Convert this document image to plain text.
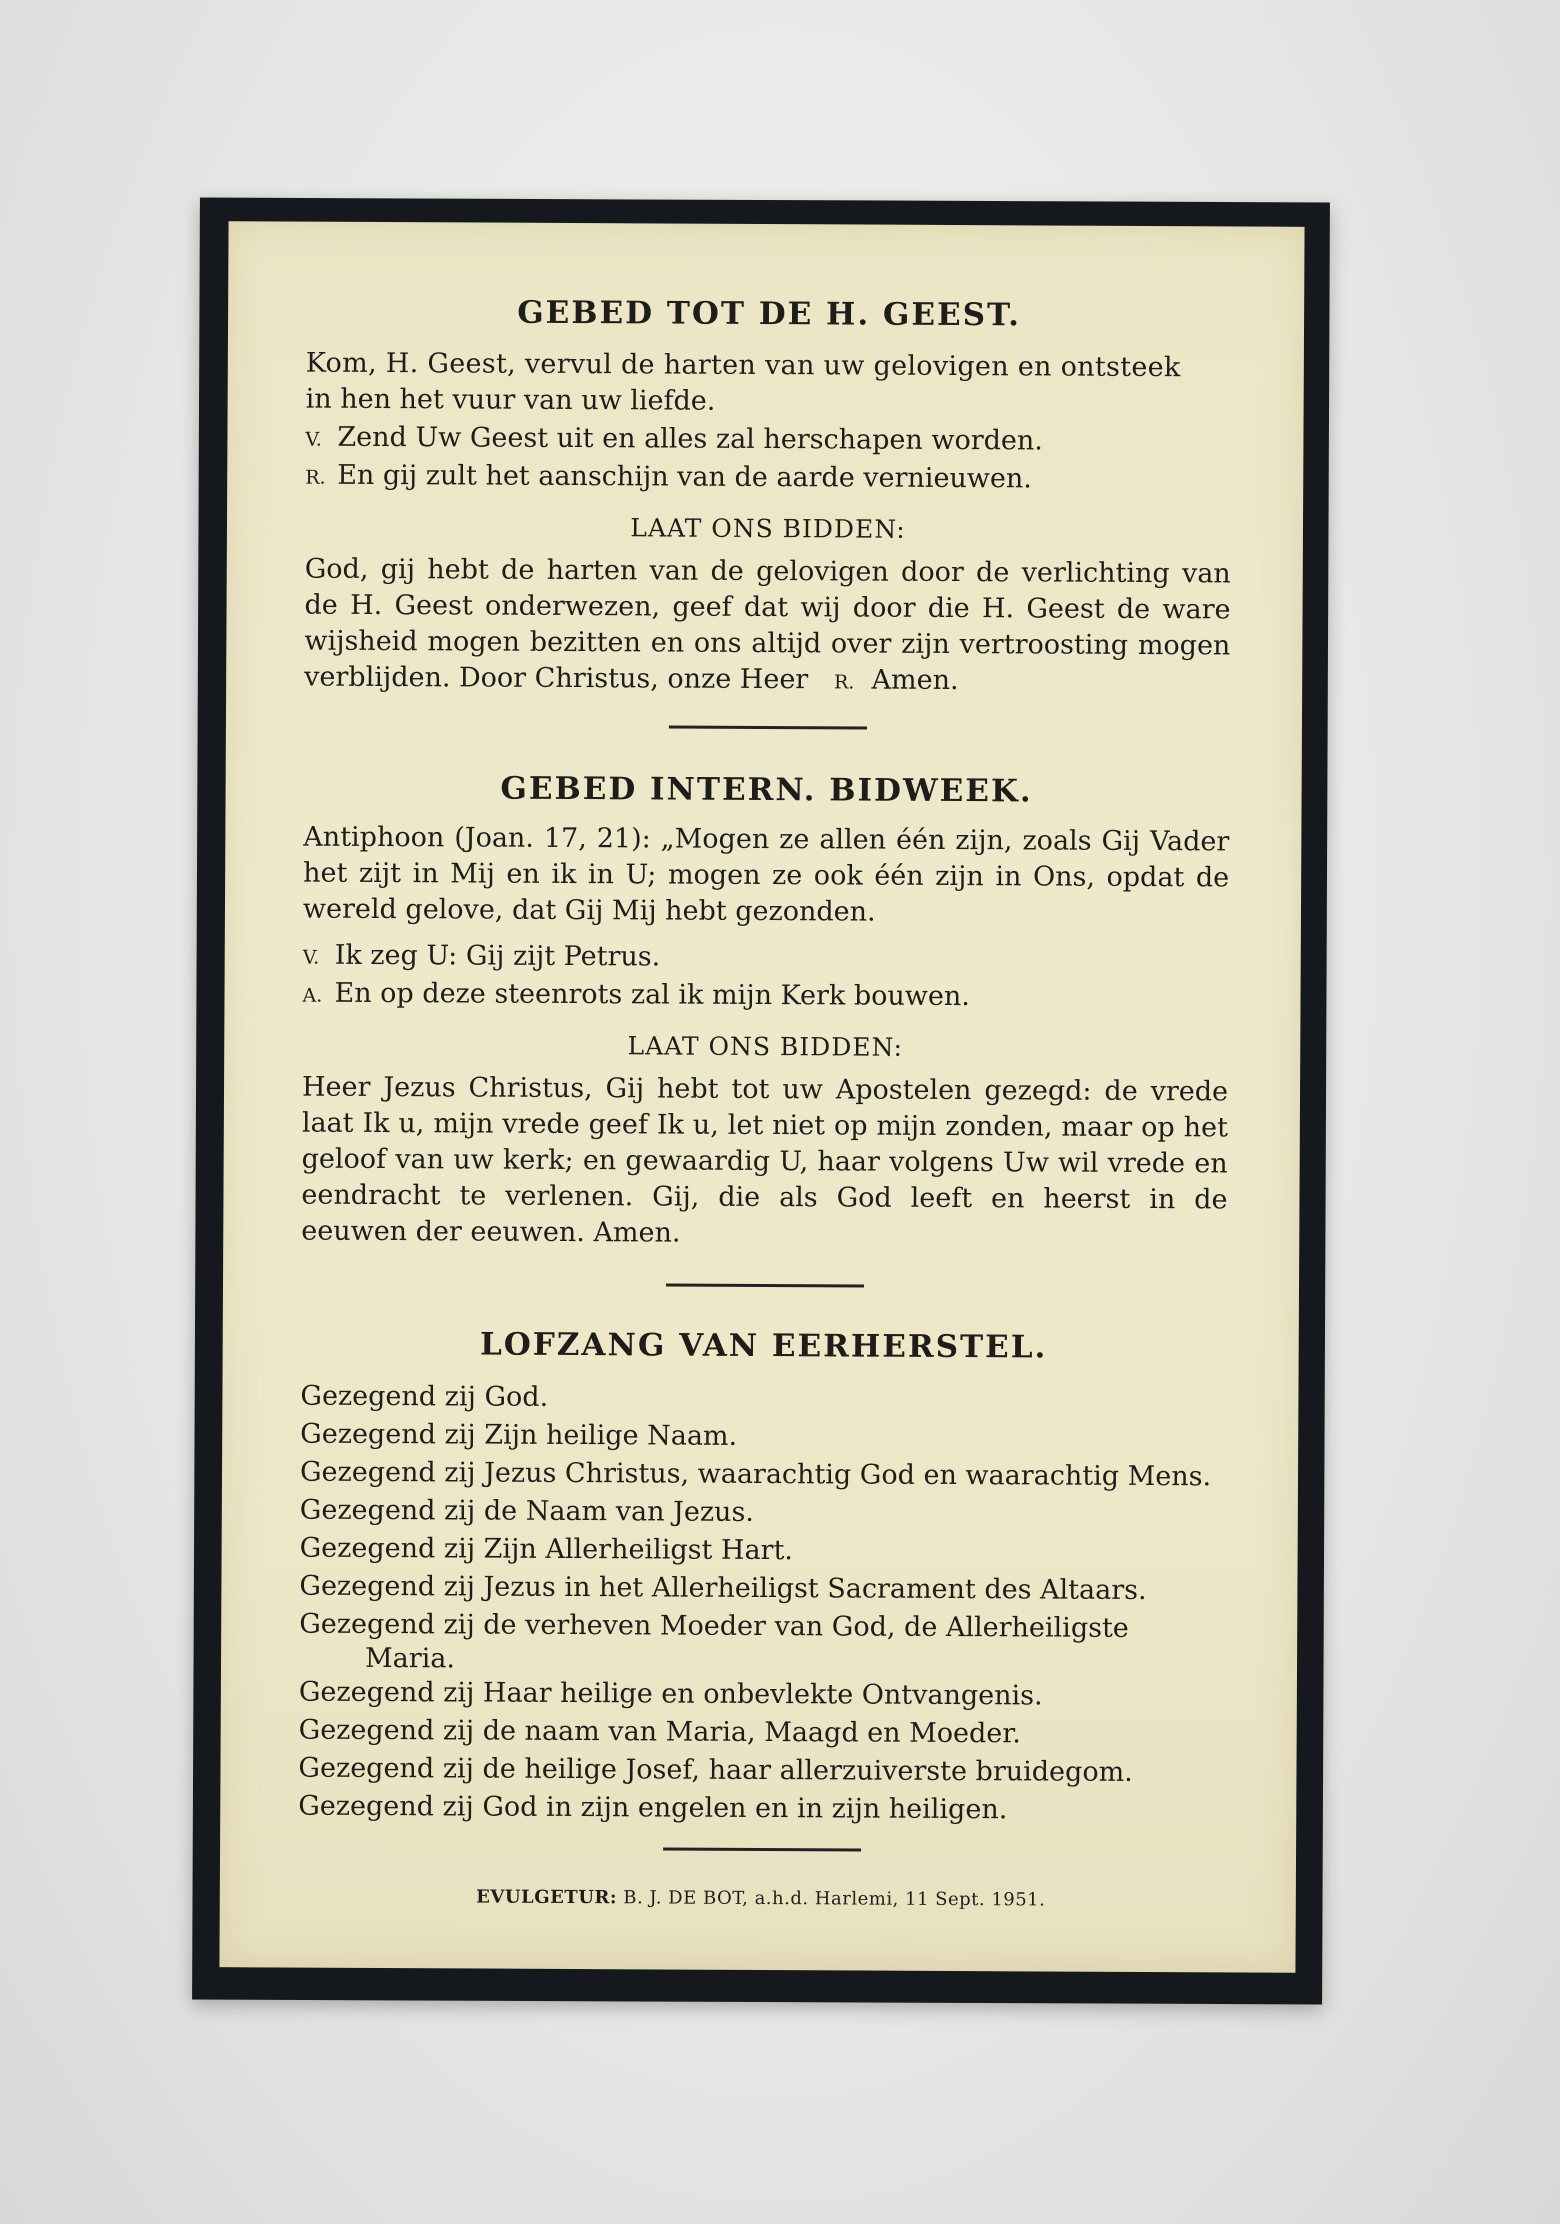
GEBED TOT DE H. GEEST.
Kom, H. Geest, vervul de harten van uw gelovigen en ontsteek
in hen het vuur van uw liefde.
V. Zend Uw Geest uit en alles zal herschapen worden.
R. En gij zult het aanschijn van de aarde vernieuwen.
LAAT ONS BIDDEN:
God, gij hebt de harten van de gelovigen door de verlichting van de H. Geest onderwezen, geef dat wij door die H. Geest de ware wijsheid mogen bezitten en ons altijd over zijn vertroosting mogen verblijden. Door Christus, onze Heer R. Amen.
GEBED INTERN. BIDWEEK.
Antiphoon (Joan. 17, 21): „Mogen ze allen één zijn, zoals Gij Vader het zijt in Mij en ik in U; mogen ze ook één zijn in Ons, opdat de wereld gelove, dat Gij Mij hebt gezonden.
V. Ik zeg U: Gij zijt Petrus.
A. En op deze steenrots zal ik mijn Kerk bouwen.
LAAT ONS BIDDEN:
Heer Jezus Christus, Gij hebt tot uw Apostelen gezegd: de vrede laat Ik u, mijn vrede geef Ik u, let niet op mijn zonden, maar op het geloof van uw kerk; en gewaardig U, haar volgens Uw wil vrede en eendracht te verlenen. Gij, die als God leeft en heerst in de eeuwen der eeuwen. Amen.
LOFZANG VAN EERHERSTEL.
Gezegend zij God.
Gezegend zij Zijn heilige Naam.
Gezegend zij Jezus Christus, waarachtig God en waarachtig Mens.
Gezegend zij de Naam van Jezus.
Gezegend zij Zijn Allerheiligst Hart.
Gezegend zij Jezus in het Allerheiligst Sacrament des Altaars.
Gezegend zij de verheven Moeder van God, de Allerheiligste
Maria.
Gezegend zij Haar heilige en onbevlekte Ontvangenis.
Gezegend zij de naam van Maria, Maagd en Moeder.
Gezegend zij de heilige Josef, haar allerzuiverste bruidegom.
Gezegend zij God in zijn engelen en in zijn heiligen.
EVULGETUR: B. J. DE BOT, a.h.d. Harlemi, 11 Sept. 1951.
